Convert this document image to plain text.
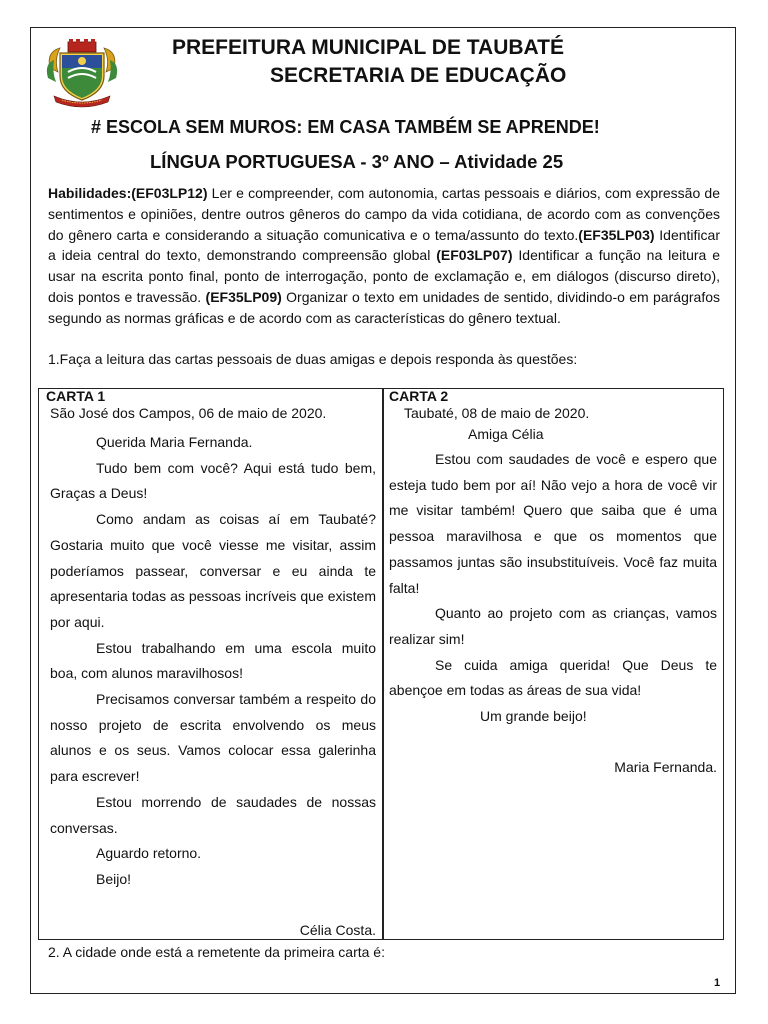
PREFEITURA MUNICIPAL DE TAUBATÉ
SECRETARIA DE EDUCAÇÃO
# ESCOLA SEM MUROS: EM CASA TAMBÉM SE APRENDE!
LÍNGUA PORTUGUESA - 3º ANO – Atividade 25
Habilidades:(EF03LP12) Ler e compreender, com autonomia, cartas pessoais e diários, com expressão de sentimentos e opiniões, dentre outros gêneros do campo da vida cotidiana, de acordo com as convenções do gênero carta e considerando a situação comunicativa e o tema/assunto do texto.(EF35LP03) Identificar a ideia central do texto, demonstrando compreensão global (EF03LP07) Identificar a função na leitura e usar na escrita ponto final, ponto de interrogação, ponto de exclamação e, em diálogos (discurso direto), dois pontos e travessão. (EF35LP09) Organizar o texto em unidades de sentido, dividindo-o em parágrafos segundo as normas gráficas e de acordo com as características do gênero textual.
1.Faça a leitura das cartas pessoais de duas amigas e depois responda às questões:
CARTA 1

São José dos Campos, 06 de maio de 2020.

Querida Maria Fernanda.

Tudo bem com você? Aqui está tudo bem, Graças a Deus!

Como andam as coisas aí em Taubaté? Gostaria muito que você viesse me visitar, assim poderíamos passear, conversar e eu ainda te apresentaria todas as pessoas incríveis que existem por aqui.

Estou trabalhando em uma escola muito boa, com alunos maravilhosos!

Precisamos conversar também a respeito do nosso projeto de escrita envolvendo os meus alunos e os seus. Vamos colocar essa galerinha para escrever!

Estou morrendo de saudades de nossas conversas.

Aguardo retorno.

Beijo!

Célia Costa.

CARTA 2

Taubaté, 08 de maio de 2020.

Amiga Célia

Estou com saudades de você e espero que esteja tudo bem por aí! Não vejo a hora de você vir me visitar também! Quero que saiba que é uma pessoa maravilhosa e que os momentos que passamos juntas são insubstituíveis. Você faz muita falta!

Quanto ao projeto com as crianças, vamos realizar sim!

Se cuida amiga querida! Que Deus te abençoe em todas as áreas de sua vida!

Um grande beijo!

Maria Fernanda.

2. A cidade onde está a remetente da primeira carta é:
1
